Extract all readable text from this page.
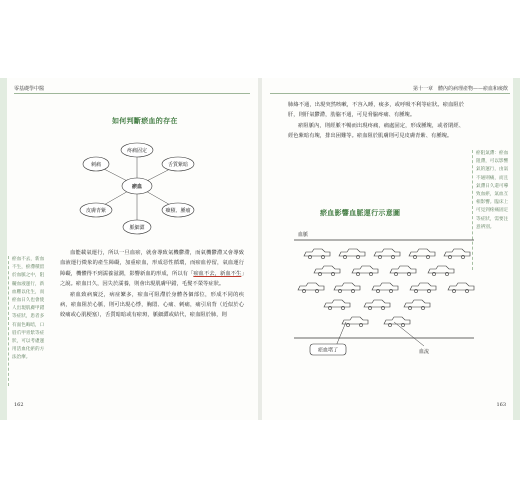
零基礎學中醫
如何判斷瘀血的存在
瘀血
疼痛固定
舌質紫暗
癥積、腫瘤
脈細澀
皮膚青紫
刺痛
瘀血不去，新血不生，瘀滯積留於血脈之中，阻礙血液運行，新血難以化生，而瘀血日久也會使人出現肌膚甲錯等症狀，患者多有面色晦暗，口唇爪甲青紫等症狀，可以考慮運用活血化瘀的方法治療。

血能載氣運行，所以一旦血瘀，就會導致氣機鬱滯，而氣機鬱滯又會導致血液運行徵象的產生障礙，加重瘀血，形成惡性循環，而瘀血停留，氣血運行障礙，機體得不到濡養滋潤，影響新血的形成，所以有「瘀血不去，新血不生」之說。瘀血日久，因失於濡養，則會出現肌膚甲錯，毛髮不榮等症狀。

瘀血致病廣泛，病症繁多，瘀血可阻滯於身體各個部位，形成不同的疾病，瘀血阻於心脈，則可出現心悸，胸悶、心痛、刺痛，痛引肩背（近似於心絞痛或心肌梗塞），舌質暗暗或有瘀斑，脈細澀或結代，瘀血阻於肺，則

162
第十一章　體內的病理產物——瘀血和痰飲

肺絡不通，出現突然咳嗽，不容入睡，痰多，或呼吸不利等症狀。瘀血阻於肝，則肝氣鬱滯，肋脇不通，可見脅脇疼痛、有腫塊。

瘀阻脈內，則經脈不暢而出現疼痛，痛處固定，形成腫塊，或者閉經、經色紫暗有塊，排出困難等。瘀血阻於肌膚則可見皮膚青紫、有腫塊。

瘀阻氣滯：瘀血阻滯，可以影響氣的運行，由氣不通則痛，而且氣滯日久還可導致血瘀，氣血互相影響。臨床上可見到疼痛固定等症狀，需要注意辨別。
瘀血影響血脈運行示意圖
血脈
瘀血堵了	血流
163
